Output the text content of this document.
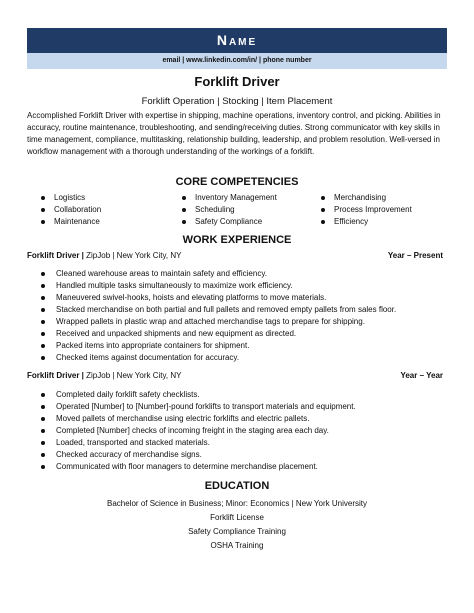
Name
email | www.linkedin.com/in/ | phone number
Forklift Driver
Forklift Operation | Stocking | Item Placement
Accomplished Forklift Driver with expertise in shipping, machine operations, inventory control, and picking. Abilities in accuracy, routine maintenance, troubleshooting, and sending/receiving duties. Strong communicator with key skills in time management, compliance, multitasking, relationship building, leadership, and problem resolution. Well-versed in workflow management with a thorough understanding of the workings of a forklift.
CORE COMPETENCIES
Logistics
Collaboration
Maintenance
Inventory Management
Scheduling
Safety Compliance
Merchandising
Process Improvement
Efficiency
WORK EXPERIENCE
Forklift Driver | ZipJob | New York City, NY	Year – Present
Cleaned warehouse areas to maintain safety and efficiency.
Handled multiple tasks simultaneously to maximize work efficiency.
Maneuvered swivel-hooks, hoists and elevating platforms to move materials.
Stacked merchandise on both partial and full pallets and removed empty pallets from sales floor.
Wrapped pallets in plastic wrap and attached merchandise tags to prepare for shipping.
Received and unpacked shipments and new equipment as directed.
Packed items into appropriate containers for shipment.
Checked items against documentation for accuracy.
Forklift Driver | ZipJob | New York City, NY	Year – Year
Completed daily forklift safety checklists.
Operated [Number] to [Number]-pound forklifts to transport materials and equipment.
Moved pallets of merchandise using electric forklifts and electric pallets.
Completed [Number] checks of incoming freight in the staging area each day.
Loaded, transported and stacked materials.
Checked accuracy of merchandise signs.
Communicated with floor managers to determine merchandise placement.
EDUCATION
Bachelor of Science in Business; Minor: Economics | New York University
Forklift License
Safety Compliance Training
OSHA Training
